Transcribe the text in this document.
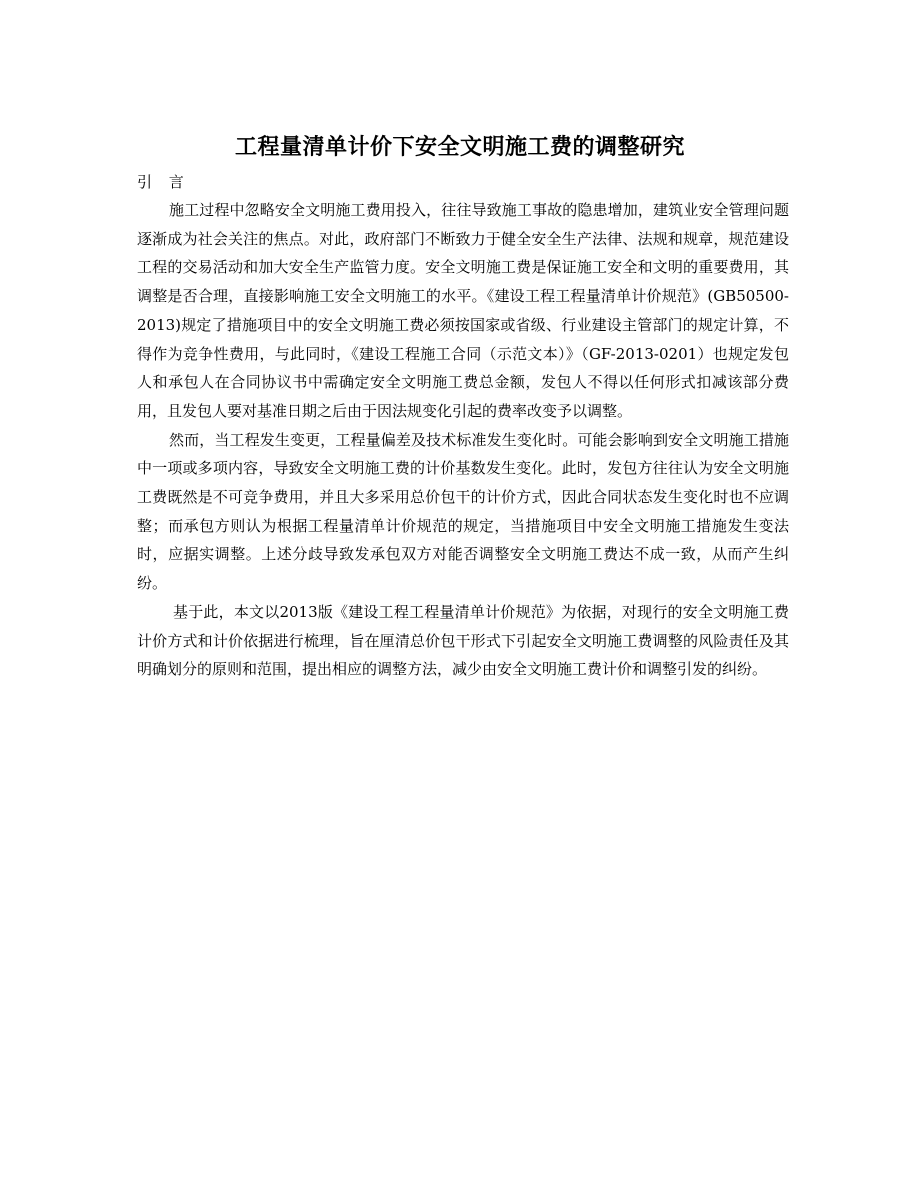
工程量清单计价下安全文明施工费的调整研究
引 言

施工过程中忽略安全文明施工费用投入，往往导致施工事故的隐患增加，建筑业安全管理问题逐渐成为社会关注的焦点。对此，政府部门不断致力于健全安全生产法律、法规和规章，规范建设工程的交易活动和加大安全生产监管力度。安全文明施工费是保证施工安全和文明的重要费用，其调整是否合理，直接影响施工安全文明施工的水平。《建设工程工程量清单计价规范》(GB50500-2013)规定了措施项目中的安全文明施工费必须按国家或省级、行业建设主管部门的规定计算，不得作为竞争性费用，与此同时，《建设工程施工合同（示范文本）》（GF-2013-0201）也规定发包人和承包人在合同协议书中需确定安全文明施工费总金额，发包人不得以任何形式扣减该部分费用，且发包人要对基准日期之后由于因法规变化引起的费率改变予以调整。

然而，当工程发生变更，工程量偏差及技术标准发生变化时。可能会影响到安全文明施工措施中一项或多项内容，导致安全文明施工费的计价基数发生变化。此时，发包方往往认为安全文明施工费既然是不可竞争费用，并且大多采用总价包干的计价方式，因此合同状态发生变化时也不应调整；而承包方则认为根据工程量清单计价规范的规定，当措施项目中安全文明施工措施发生变法时，应据实调整。上述分歧导致发承包双方对能否调整安全文明施工费达不成一致，从而产生纠纷。

基于此，本文以2013版《建设工程工程量清单计价规范》为依据，对现行的安全文明施工费计价方式和计价依据进行梳理，旨在厘清总价包干形式下引起安全文明施工费调整的风险责任及其明确划分的原则和范围，提出相应的调整方法，减少由安全文明施工费计价和调整引发的纠纷。
